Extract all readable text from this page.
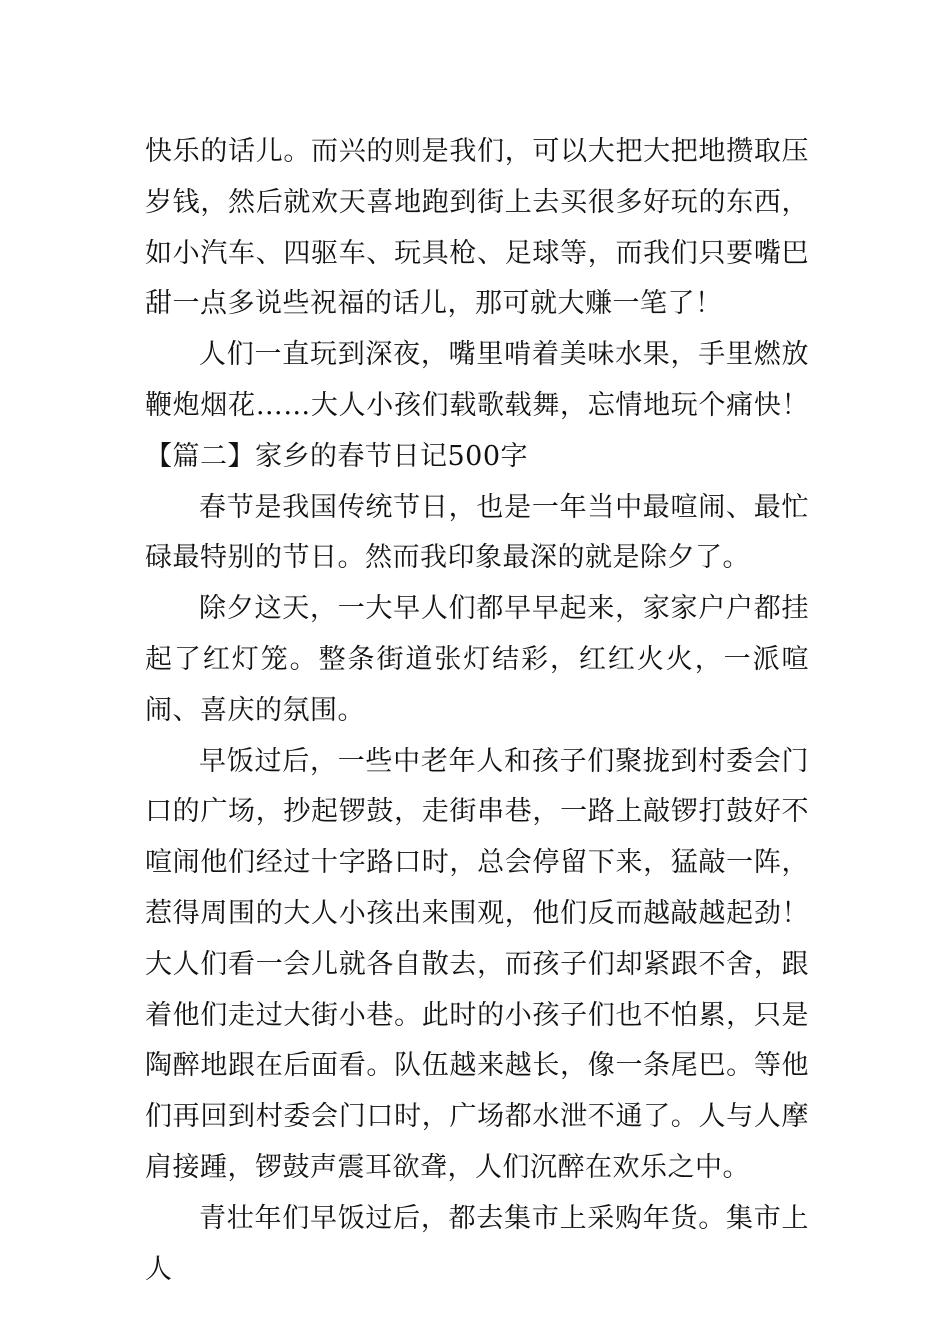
快乐的话儿。而兴的则是我们，可以大把大把地攒取压岁钱，然后就欢天喜地跑到街上去买很多好玩的东西，如小汽车、四驱车、玩具枪、足球等，而我们只要嘴巴甜一点多说些祝福的话儿，那可就大赚一笔了！

人们一直玩到深夜，嘴里啃着美味水果，手里燃放鞭炮烟花……大人小孩们载歌载舞，忘情地玩个痛快！【篇二】家乡的春节日记500字

春节是我国传统节日，也是一年当中最喧闹、最忙碌最特别的节日。然而我印象最深的就是除夕了。

除夕这天，一大早人们都早早起来，家家户户都挂起了红灯笼。整条街道张灯结彩，红红火火，一派喧闹、喜庆的氛围。

早饭过后，一些中老年人和孩子们聚拢到村委会门口的广场，抄起锣鼓，走街串巷，一路上敲锣打鼓好不喧闹他们经过十字路口时，总会停留下来，猛敲一阵，惹得周围的大人小孩出来围观，他们反而越敲越起劲！大人们看一会儿就各自散去，而孩子们却紧跟不舍，跟着他们走过大街小巷。此时的小孩子们也不怕累，只是陶醉地跟在后面看。队伍越来越长，像一条尾巴。等他们再回到村委会门口时，广场都水泄不通了。人与人摩肩接踵，锣鼓声震耳欲聋，人们沉醉在欢乐之中。

青壮年们早饭过后，都去集市上采购年货。集市上人
